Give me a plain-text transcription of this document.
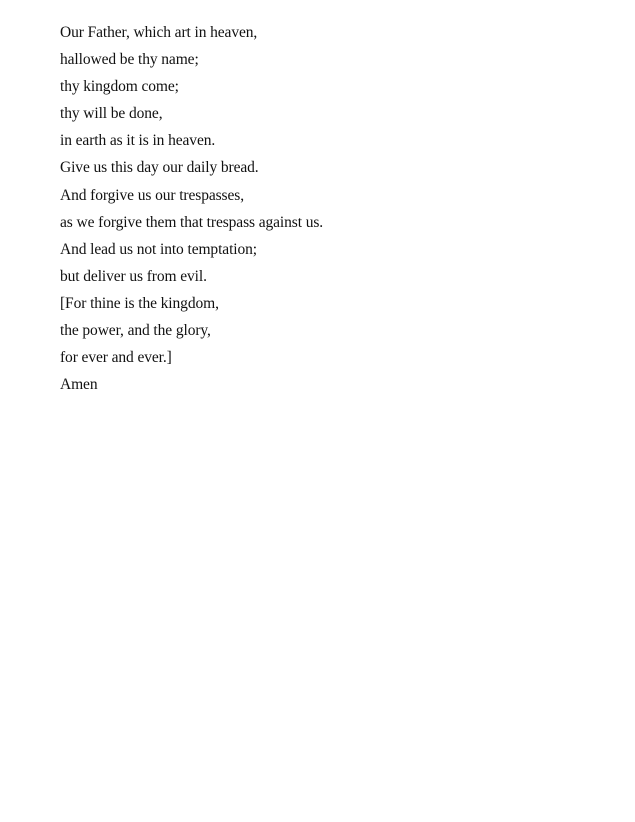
Our Father, which art in heaven,
hallowed be thy name;
thy kingdom come;
thy will be done,
in earth as it is in heaven.
Give us this day our daily bread.
And forgive us our trespasses,
as we forgive them that trespass against us.
And lead us not into temptation;
but deliver us from evil.
[For thine is the kingdom,
the power, and the glory,
for ever and ever.]
Amen
